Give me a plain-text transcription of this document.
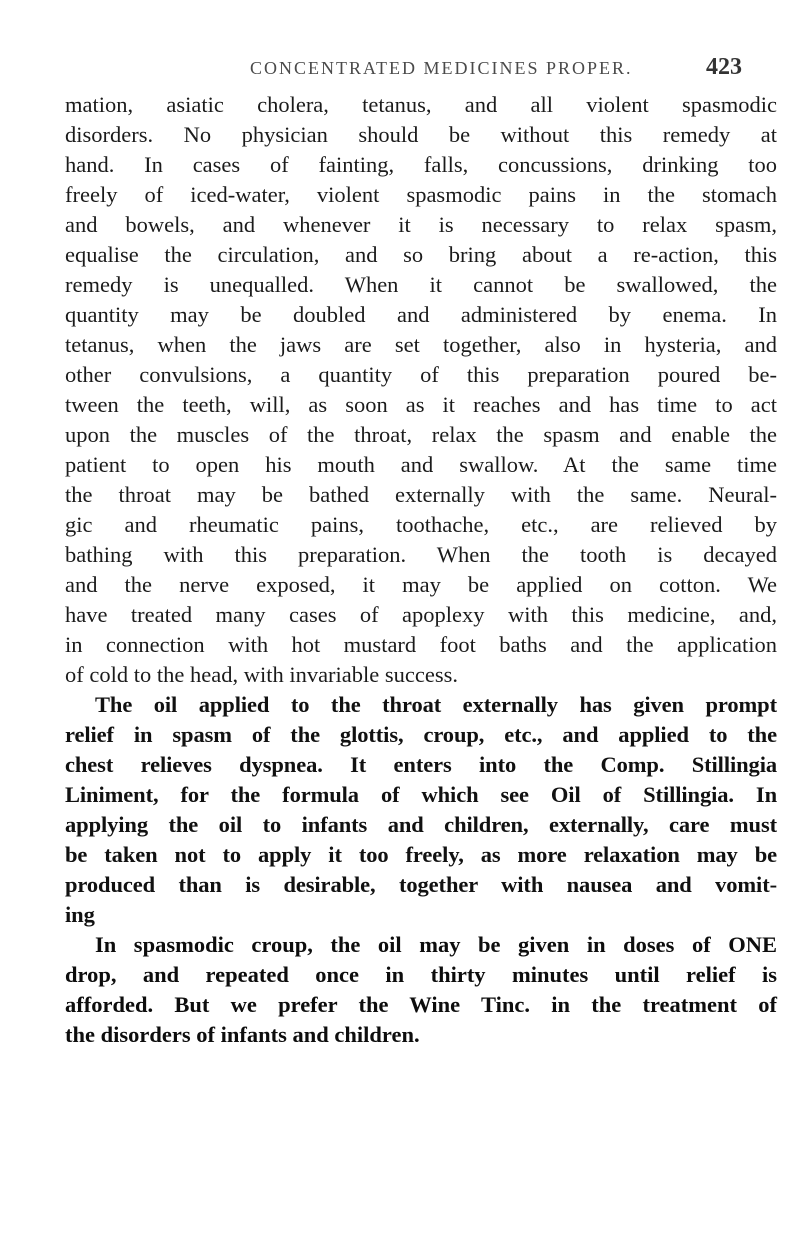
CONCENTRATED MEDICINES PROPER.	423
mation, asiatic cholera, tetanus, and all violent spasmodic
disorders. No physician should be without this remedy at
hand. In cases of fainting, falls, concussions, drinking too
freely of iced-water, violent spasmodic pains in the stomach
and bowels, and whenever it is necessary to relax spasm,
equalise the circulation, and so bring about a re-action, this
remedy is unequalled. When it cannot be swallowed, the
quantity may be doubled and administered by enema. In
tetanus, when the jaws are set together, also in hysteria, and
other convulsions, a quantity of this preparation poured be-
tween the teeth, will, as soon as it reaches and has time to act
upon the muscles of the throat, relax the spasm and enable the
patient to open his mouth and swallow. At the same time
the throat may be bathed externally with the same. Neural-
gic and rheumatic pains, toothache, etc., are relieved by
bathing with this preparation. When the tooth is decayed
and the nerve exposed, it may be applied on cotton. We
have treated many cases of apoplexy with this medicine, and,
in connection with hot mustard foot baths and the application
of cold to the head, with invariable success.
The oil applied to the throat externally has given prompt
relief in spasm of the glottis, croup, etc., and applied to the
chest relieves dyspnea. It enters into the Comp. Stillingia
Liniment, for the formula of which see Oil of Stillingia. In
applying the oil to infants and children, externally, care must
be taken not to apply it too freely, as more relaxation may be
produced than is desirable, together with nausea and vomit-
ing
In spasmodic croup, the oil may be given in doses of ONE
drop, and repeated once in thirty minutes until relief is
afforded. But we prefer the Wine Tinc. in the treatment of
the disorders of infants and children.
